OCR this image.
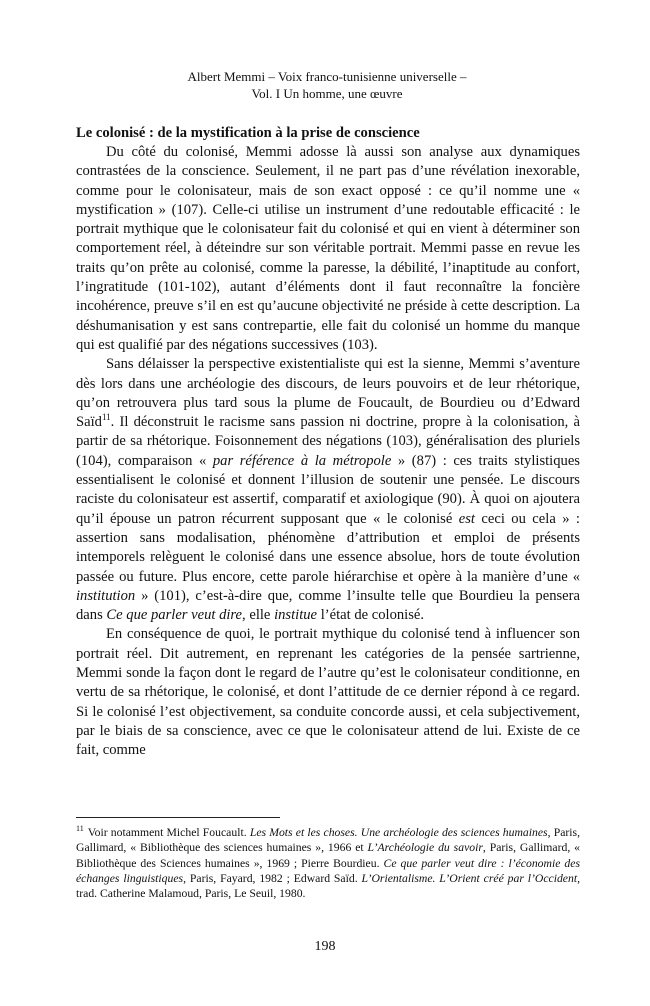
Albert Memmi – Voix franco-tunisienne universelle –
Vol. I Un homme, une œuvre
Le colonisé : de la mystification à la prise de conscience

Du côté du colonisé, Memmi adosse là aussi son analyse aux dynamiques contrastées de la conscience. Seulement, il ne part pas d’une révélation inexorable, comme pour le colonisateur, mais de son exact opposé : ce qu’il nomme une « mystification » (107). Celle-ci utilise un instrument d’une redoutable efficacité : le portrait mythique que le colonisateur fait du colonisé et qui en vient à déterminer son comportement réel, à déteindre sur son véritable portrait. Memmi passe en revue les traits qu’on prête au colonisé, comme la paresse, la débilité, l’inaptitude au confort, l’ingratitude (101-102), autant d’éléments dont il faut reconnaître la foncière incohérence, preuve s’il en est qu’aucune objectivité ne préside à cette description. La déshumanisation y est sans contrepartie, elle fait du colonisé un homme du manque qui est qualifié par des négations successives (103).

Sans délaisser la perspective existentialiste qui est la sienne, Memmi s’aventure dès lors dans une archéologie des discours, de leurs pouvoirs et de leur rhétorique, qu’on retrouvera plus tard sous la plume de Foucault, de Bourdieu ou d’Edward Saïd$^{11}$. Il déconstruit le racisme sans passion ni doctrine, propre à la colonisation, à partir de sa rhétorique. Foisonnement des négations (103), généralisation des pluriels (104), comparaison « par référence à la métropole » (87) : ces traits stylistiques essentialisent le colonisé et donnent l’illusion de soutenir une pensée. Le discours raciste du colonisateur est assertif, comparatif et axiologique (90). À quoi on ajoutera qu’il épouse un patron récurrent supposant que « le colonisé est ceci ou cela » : assertion sans modalisation, phénomène d’attribution et emploi de présents intemporels relèguent le colonisé dans une essence absolue, hors de toute évolution passée ou future. Plus encore, cette parole hiérarchise et opère à la manière d’une « institution » (101), c’est-à-dire que, comme l’insulte telle que Bourdieu la pensera dans Ce que parler veut dire, elle institue l’état de colonisé.

En conséquence de quoi, le portrait mythique du colonisé tend à influencer son portrait réel. Dit autrement, en reprenant les catégories de la pensée sartrienne, Memmi sonde la façon dont le regard de l’autre qu’est le colonisateur conditionne, en vertu de sa rhétorique, le colonisé, et dont l’attitude de ce dernier répond à ce regard. Si le colonisé l’est objectivement, sa conduite concorde aussi, et cela subjectivement, par le biais de sa conscience, avec ce que le colonisateur attend de lui. Existe de ce fait, comme

$^{11}$ Voir notamment Michel Foucault. Les Mots et les choses. Une archéologie des sciences humaines, Paris, Gallimard, « Bibliothèque des sciences humaines », 1966 et L’Archéologie du savoir, Paris, Gallimard, « Bibliothèque des Sciences humaines », 1969 ; Pierre Bourdieu. Ce que parler veut dire : l’économie des échanges linguistiques, Paris, Fayard, 1982 ; Edward Saïd. L’Orientalisme. L’Orient créé par l’Occident, trad. Catherine Malamoud, Paris, Le Seuil, 1980.

198
